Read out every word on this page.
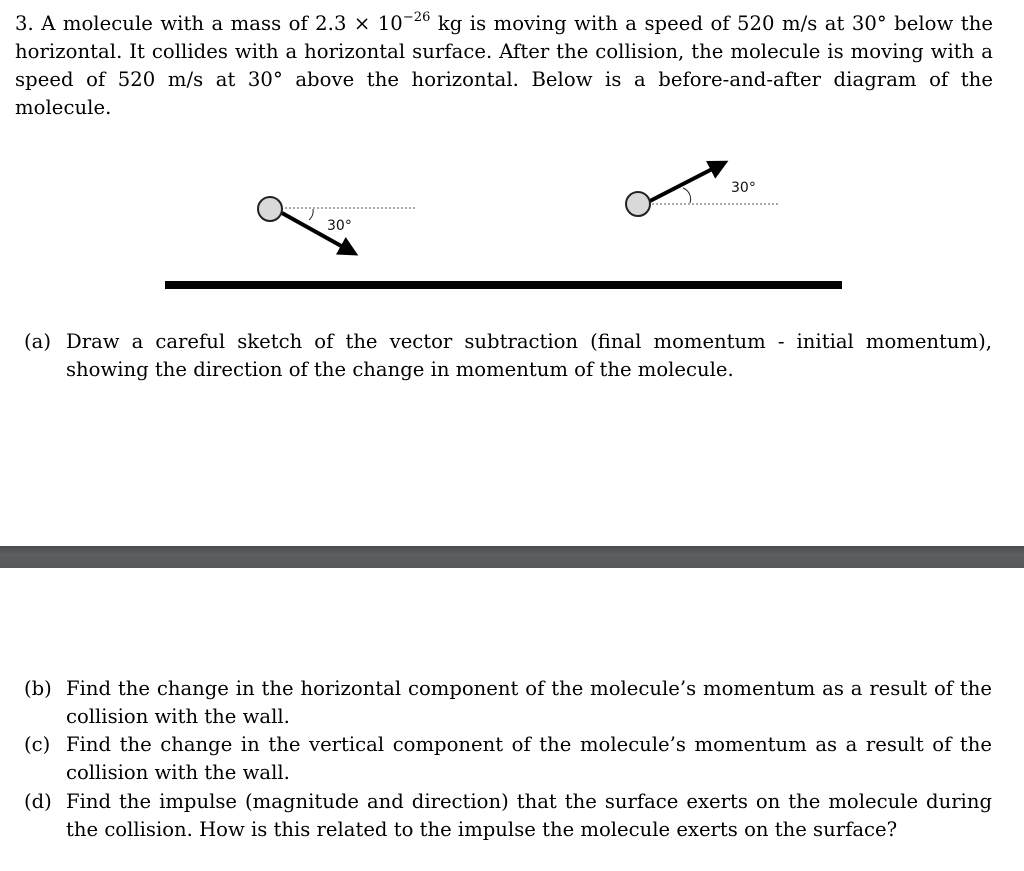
3. A molecule with a mass of $2.3 \times 10^{-26}$ kg is moving with a speed of 520 m/s at 30° below the horizontal. It collides with a horizontal surface. After the collision, the molecule is moving with a speed of 520 m/s at 30° above the horizontal. Below is a before-and-after diagram of the molecule.
30°
30°
(a) Draw a careful sketch of the vector subtraction (final momentum - initial momentum), showing the direction of the change in momentum of the molecule.
(b) Find the change in the horizontal component of the molecule’s momentum as a result of the collision with the wall.
(c) Find the change in the vertical component of the molecule’s momentum as a result of the collision with the wall.
(d) Find the impulse (magnitude and direction) that the surface exerts on the molecule during the collision. How is this related to the impulse the molecule exerts on the surface?
